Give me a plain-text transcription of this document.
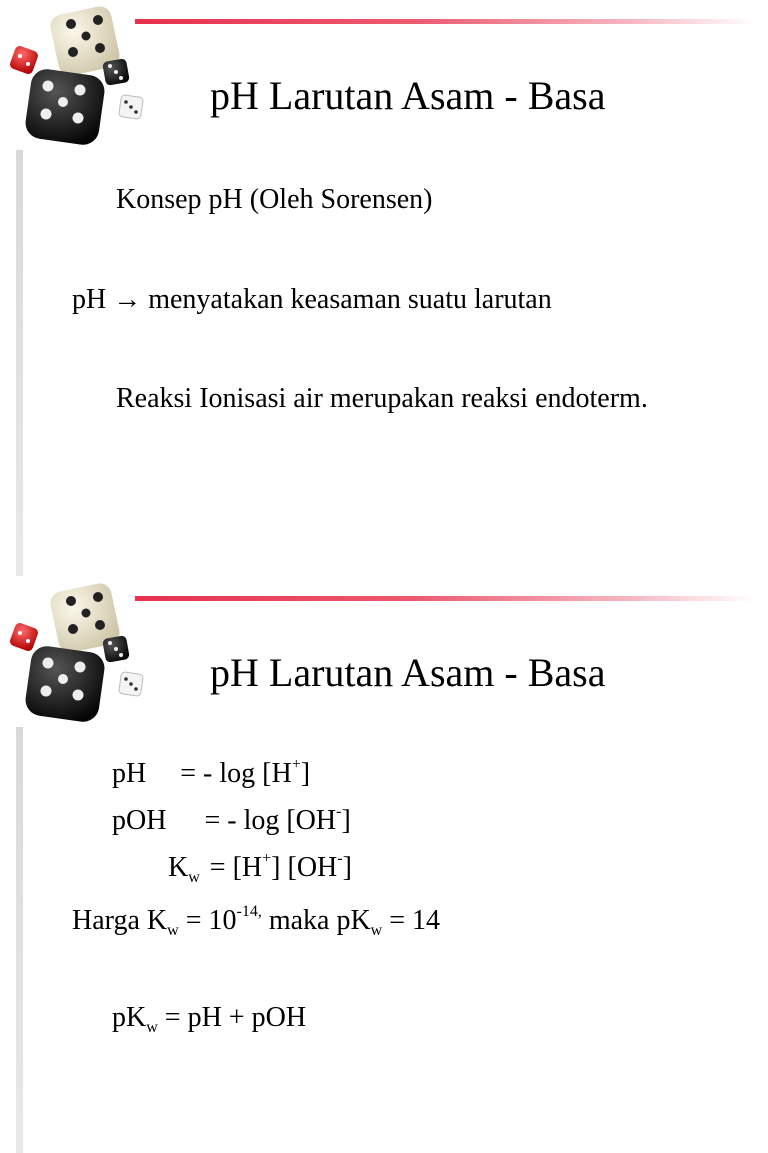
pH Larutan Asam - Basa
Konsep pH (Oleh Sorensen)
pH → menyatakan keasaman suatu larutan
Reaksi Ionisasi air merupakan reaksi endoterm.
pH Larutan Asam - Basa
pH = - log [H+]
pOH = - log [OH-]
$K_w = [H^+]$ [OH-]
Harga $K_w = 10^{-14,}$ maka $pK_w = 14$
$pK_w$ = pH + pOH
